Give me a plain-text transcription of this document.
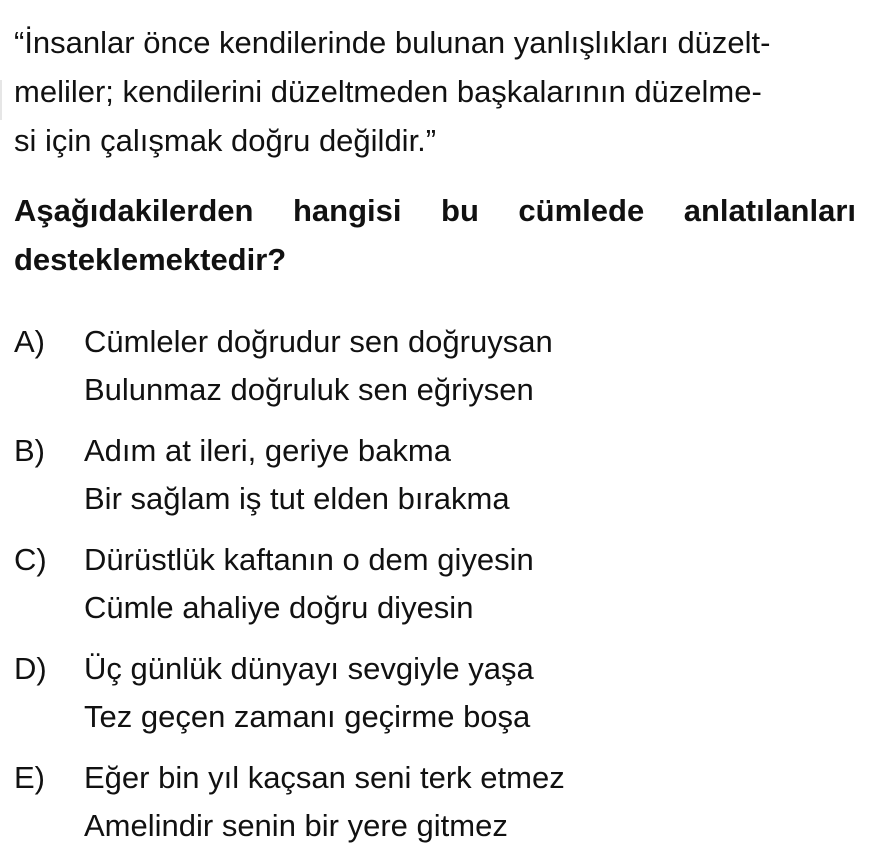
“İnsanlar önce kendilerinde bulunan yanlışlıkları düzelt-
meliler; kendilerini düzeltmeden başkalarının düzelme-
si için çalışmak doğru değildir.”
Aşağıdakilerden hangisi bu cümlede anlatılanları
desteklemektedir?
A) Cümleler doğrudur sen doğruysan
Bulunmaz doğruluk sen eğriysen
B) Adım at ileri, geriye bakma
Bir sağlam iş tut elden bırakma
C) Dürüstlük kaftanın o dem giyesin
Cümle ahaliye doğru diyesin
D) Üç günlük dünyayı sevgiyle yaşa
Tez geçen zamanı geçirme boşa
E) Eğer bin yıl kaçsan seni terk etmez
Amelindir senin bir yere gitmez
